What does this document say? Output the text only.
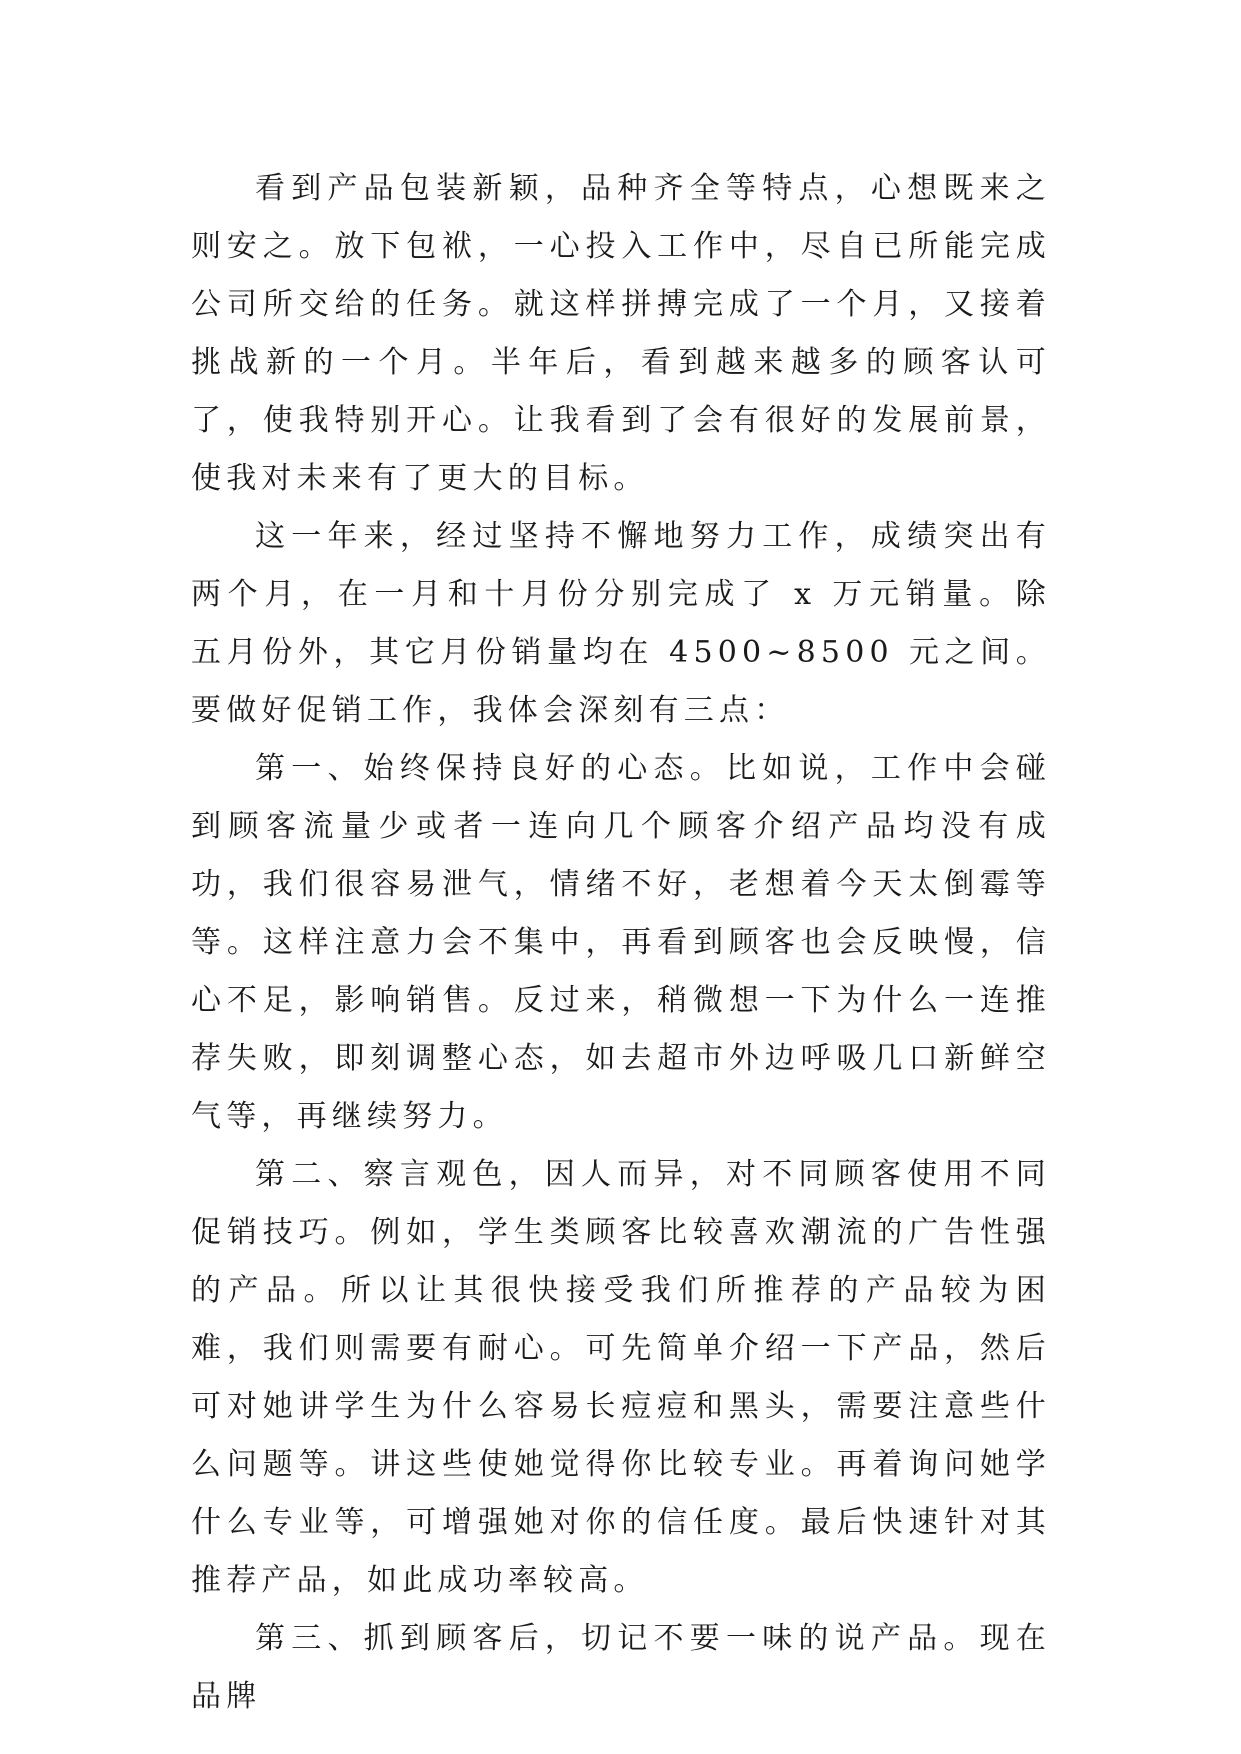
看到产品包装新颖，品种齐全等特点，心想既来之则安之。放下包袱，一心投入工作中，尽自已所能完成公司所交给的任务。就这样拼搏完成了一个月，又接着挑战新的一个月。半年后，看到越来越多的顾客认可了，使我特别开心。让我看到了会有很好的发展前景，使我对未来有了更大的目标。

这一年来，经过坚持不懈地努力工作，成绩突出有两个月，在一月和十月份分别完成了 x 万元销量。除五月份外，其它月份销量均在 4500~8500 元之间。要做好促销工作，我体会深刻有三点：

第一、始终保持良好的心态。比如说，工作中会碰到顾客流量少或者一连向几个顾客介绍产品均没有成功，我们很容易泄气，情绪不好，老想着今天太倒霉等等。这样注意力会不集中，再看到顾客也会反映慢，信心不足，影响销售。反过来，稍微想一下为什么一连推荐失败，即刻调整心态，如去超市外边呼吸几口新鲜空气等，再继续努力。

第二、察言观色，因人而异，对不同顾客使用不同促销技巧。例如，学生类顾客比较喜欢潮流的广告性强的产品。所以让其很快接受我们所推荐的产品较为困难，我们则需要有耐心。可先简单介绍一下产品，然后可对她讲学生为什么容易长痘痘和黑头，需要注意些什么问题等。讲这些使她觉得你比较专业。再着询问她学什么专业等，可增强她对你的信任度。最后快速针对其推荐产品，如此成功率较高。

第三、抓到顾客后，切记不要一味的说产品。现在品牌
